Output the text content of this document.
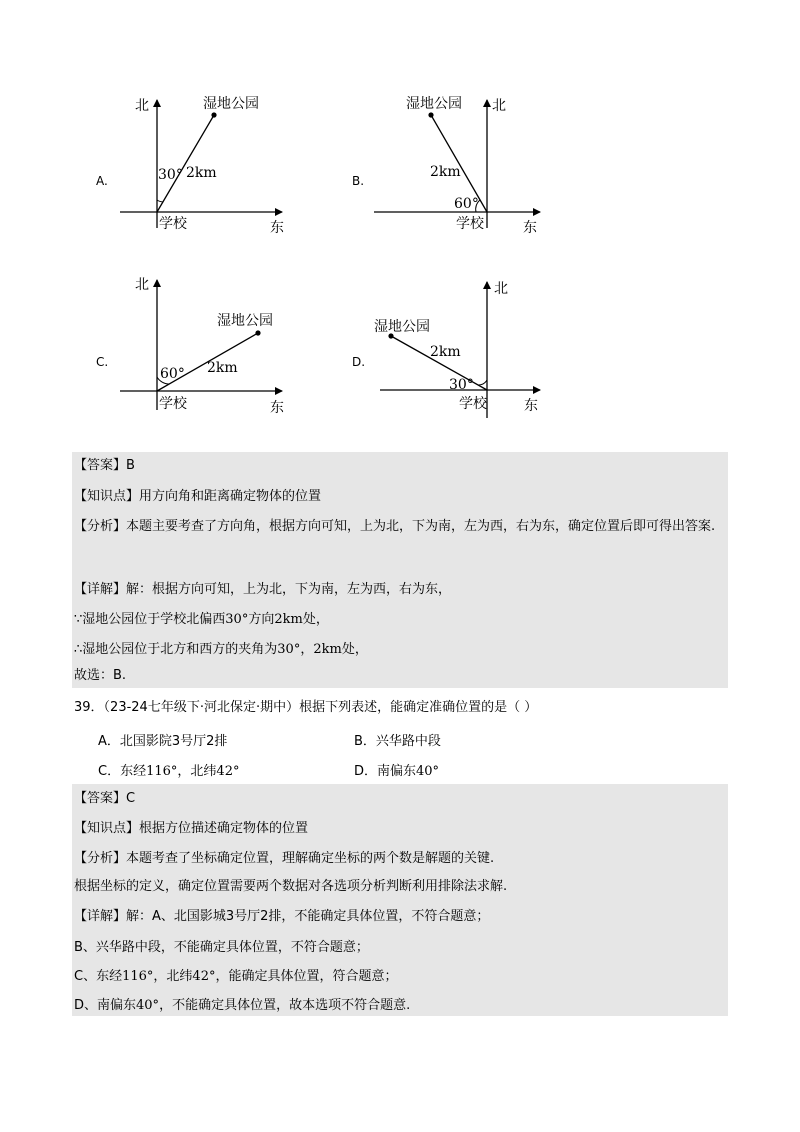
A.
北
东
学校
湿地公园
2km
30°	B.
北
东
学校
湿地公园
2km
60°
C.
北
东
学校
湿地公园
2km
60°
D.
北
东
学校
湿地公园
2km
30°
【答案】B
【知识点】用方向角和距离确定物体的位置
【分析】本题主要考查了方向角，根据方向可知，上为北，下为南，左为西，右为东，确定位置后即可得出答案.
【详解】解：根据方向可知，上为北，下为南，左为西，右为东，
∵湿地公园位于学校北偏西30°方向2km处，
∴湿地公园位于北方和西方的夹角为30°，2km处，
故选：B.
39．（23-24七年级下·河北保定·期中）根据下列表述，能确定准确位置的是（ ）
A．北国影院3号厅2排	B．兴华路中段
C．东经116°，北纬42°	D．南偏东40°
【答案】C
【知识点】根据方位描述确定物体的位置
【分析】本题考查了坐标确定位置，理解确定坐标的两个数是解题的关键.
根据坐标的定义，确定位置需要两个数据对各选项分析判断利用排除法求解.
【详解】解：A、北国影城3号厅2排，不能确定具体位置，不符合题意；
B、兴华路中段，不能确定具体位置，不符合题意；
C、东经116°，北纬42°，能确定具体位置，符合题意；
D、南偏东40°，不能确定具体位置，故本选项不符合题意.
